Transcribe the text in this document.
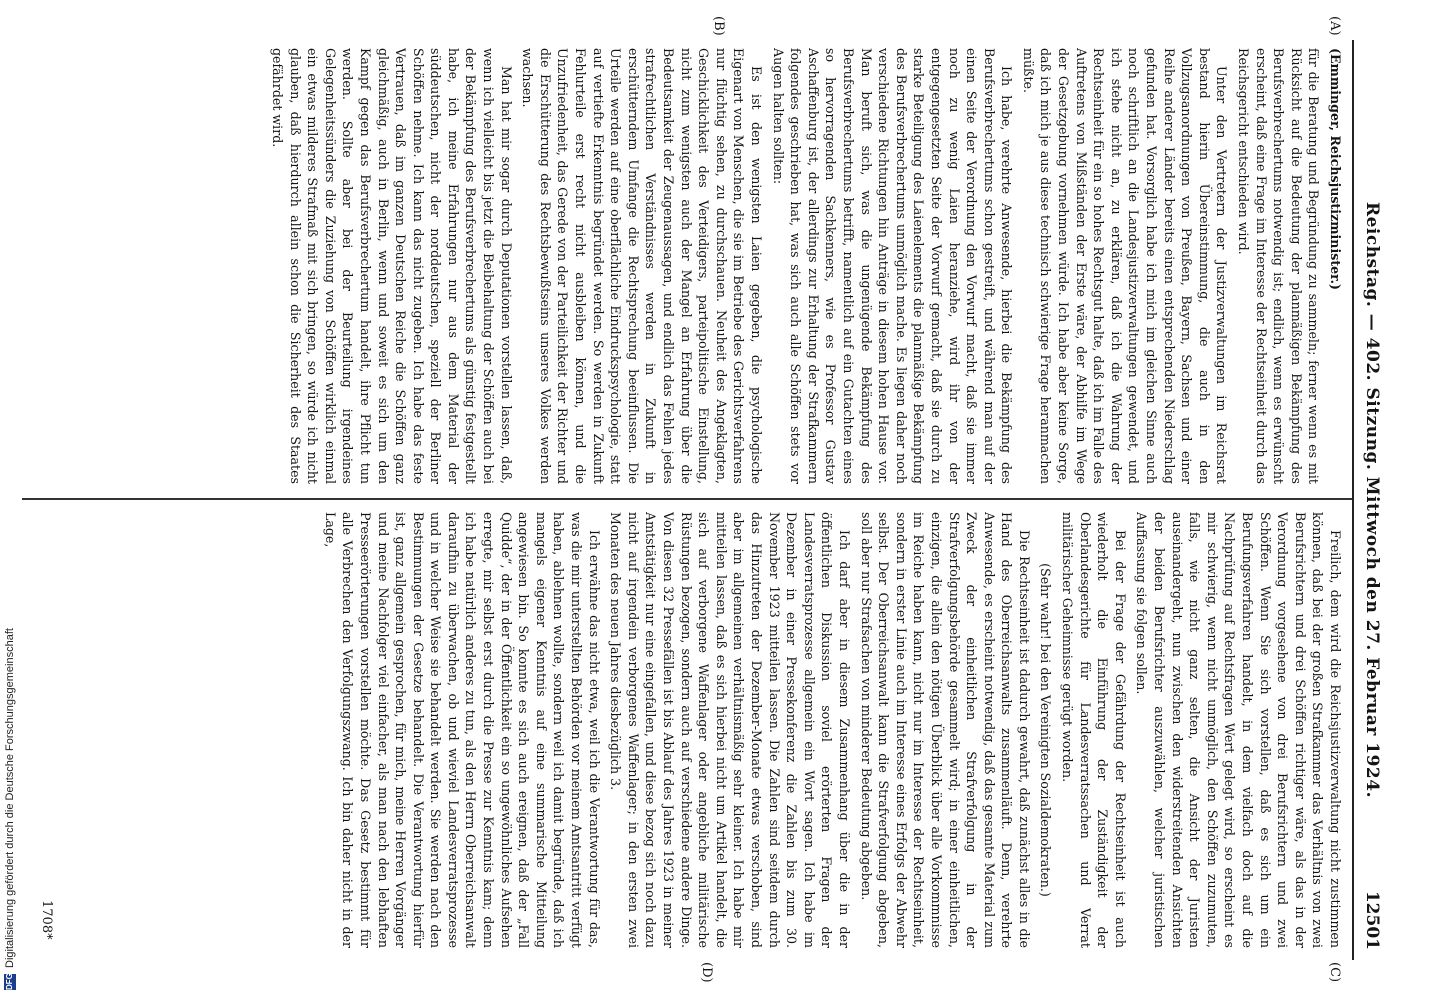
Reichstag. — 402. Sitzung. Mittwoch den 27. Februar 1924.
12501
(A)
(B)
(C)
(D)

(Emminger, Reichsjustizminister.)

für die Beratung und Begründung zu sammeln; ferner wenn es mit Rücksicht auf die Bedeutung der planmäßigen Bekämpfung des Berufsverbrechertums notwendig ist; endlich, wenn es erwünscht erscheint, daß eine Frage im Interesse der Rechtseinheit durch das Reichsgericht entschieden wird.

Unter den Vertretern der Justizverwaltungen im Reichsrat bestand hierin Übereinstimmung, die auch in den Vollzugsanordnungen von Preußen, Bayern, Sachsen und einer Reihe anderer Länder bereits einen entsprechenden Niederschlag gefunden hat. Vorsorglich habe ich mich im gleichen Sinne auch noch schriftlich an die Landesjustizverwaltungen gewendet, und ich stehe nicht an, zu erklären, daß ich die Wahrung der Rechtseinheit für ein so hohes Rechtsgut halte, daß ich im Falle des Auftretens von Mißständen der Erste wäre, der Abhilfe im Wege der Gesetzgebung vornehmen würde. Ich habe aber keine Sorge, daß ich mich je aus diese technisch schwierige Frage heranmachen müßte.

Ich habe, verehrte Anwesende, hierbei die Bekämpfung des Berufsverbrechertums schon gestreift, und während man auf der einen Seite der Verordnung den Vorwurf macht, daß sie immer noch zu wenig Laien heranziehe, wird ihr von der entgegengesetzten Seite der Vorwurf gemacht, daß sie durch zu starke Beteiligung des Laienelements die planmäßige Bekämpfung des Berufsverbrechertums unmöglich mache. Es liegen daher noch verschiedene Richtungen hin Anträge in diesem hohen Hause vor. Man beruft sich, was die ungenügende Bekämpfung des Berufsverbrechertums betrifft, namentlich auf ein Gutachten eines so hervorragenden Sachkenners, wie es Professor Gustav Aschaffenburg ist, der allerdings zur Erhaltung der Strafkammern folgendes geschrieben hat, was sich auch alle Schöffen stets vor Augen halten sollten:

Es ist den wenigsten Laien gegeben, die psychologische Eigenart von Menschen, die sie im Betriebe des Gerichtsverfahrens nur flüchtig sehen, zu durchschauen. Neuheit des Angeklagten, Geschicklichkeit des Verteidigers, parteipolitische Einstellung, nicht zum wenigsten auch der Mangel an Erfahrung über die Bedeutsamkeit der Zeugenaussagen, und endlich das Fehlen jedes strafrechtlichen Verständnisses werden in Zukunft in erschütterndem Umfange die Rechtsprechung beeinflussen. Die Urteile werden auf eine oberflächliche Eindruckspsychologie, statt auf vertiefte Erkenntnis begründet werden. So werden in Zukunft Fehlurteile erst recht nicht ausbleiben können, und die Unzufriedenheit, das Gerede von der Parteilichkeit der Richter und die Erschütterung des Rechtsbewußtseins unseres Volkes werden wachsen.

Man hat mir sogar durch Deputationen vorstellen lassen, daß, wenn ich vielleicht bis jetzt die Beibehaltung der Schöffen auch bei der Bekämpfung des Berufsverbrechertums als günstig festgestellt habe, ich meine Erfahrungen nur aus dem Material der süddeutschen, nicht der norddeutschen, speziell der Berliner Schöffen nehme. Ich kann das nicht zugeben. Ich habe das feste Vertrauen, daß im ganzen Deutschen Reiche die Schöffen ganz gleichmäßig, auch in Berlin, wenn und soweit es sich um den Kampf gegen das Berufsverbrechertum handelt, ihre Pflicht tun werden. Sollte aber bei der Beurteilung irgendeines Gelegenheitssünders die Zuziehung von Schöffen wirklich einmal ein etwas milderes Strafmaß mit sich bringen, so würde ich nicht glauben, daß hierdurch allein schon die Sicherheit des Staates gefährdet wird.

Freilich, dem wird die Reichsjustizverwaltung nicht zustimmen können, daß bei der großen Strafkammer das Verhältnis von zwei Berufsrichtern und drei Schöffen richtiger wäre, als das in der Verordnung vorgesehene von drei Berufsrichtern und zwei Schöffen. Wenn Sie sich vorstellen, daß es sich um ein Berufungsverfahren handelt, in dem vielfach doch auf die Nachprüfung auf Rechtsfragen Wert gelegt wird, so erscheint es mir schwierig, wenn nicht unmöglich, den Schöffen zuzumuten, falls, wie nicht ganz selten, die Ansicht der Juristen auseinandergeht, nun zwischen den widerstreitenden Ansichten der beiden Berufsrichter auszuwählen, welcher juristischen Auffassung sie folgen sollen.

Bei der Frage der Gefährdung der Rechtseinheit ist auch wiederholt die Einführung der Zuständigkeit der Oberlandesgerichte für Landesverratssachen und Verrat militärischer Geheimnisse gerügt worden.

(Sehr wahr! bei den Vereinigten Sozialdemokraten.)

Die Rechtseinheit ist dadurch gewahrt, daß zunächst alles in die Hand des Oberreichsanwalts zusammenläuft. Denn, verehrte Anwesende, es erscheint notwendig, daß das gesamte Material zum Zweck der einheitlichen Strafverfolgung in der Strafverfolgungsbehörde gesammelt wird; in einer einheitlichen, einzigen, die allein den nötigen Überblick über alle Vorkommnisse im Reiche haben kann, nicht nur im Interesse der Rechtseinheit, sondern in erster Linie auch im Interesse eines Erfolgs der Abwehr selbst. Der Oberreichsanwalt kann die Strafverfolgung abgeben, soll aber nur Strafsachen von minderer Bedeutung abgeben.

Ich darf aber in diesem Zusammenhang über die in der öffentlichen Diskussion soviel erörterten Fragen der Landesverratsprozesse allgemein ein Wort sagen. Ich habe im Dezember in einer Pressekonferenz die Zahlen bis zum 30. November 1923 mitteilen lassen. Die Zahlen sind seitdem durch das Hinzutreten der Dezember-Monate etwas verschoben, sind aber im allgemeinen verhältnismäßig sehr kleiner. Ich habe mir mitteilen lassen, daß es sich hierbei nicht um Artikel handelt, die sich auf verborgene Waffenlager oder angebliche militärische Rüstungen bezogen, sondern auch auf verschiedene andere Dinge. Von diesen 32 Pressefällen ist bis Ablauf des Jahres 1923 in meiner Amtstätigkeit nur eine eingefallen, und diese bezog sich noch dazu nicht auf irgendein verborgenes Waffenlager; in den ersten zwei Monaten des neuen Jahres diesbezüglich 3.

Ich erwähne das nicht etwa, weil ich die Verantwortung für das, was die mir unterstellten Behörden vor meinem Amtsantritt verfügt haben, ablehnen wollte, sondern weil ich damit begründe, daß ich mangels eigener Kenntnis auf eine summarische Mitteilung angewiesen bin. So konnte es sich auch ereignen, daß der „Fall Quidde“, der in der Öffentlichkeit ein so ungewöhnliches Aufsehen erregte, mir selbst erst durch die Presse zur Kenntnis kam; denn ich habe natürlich anderes zu tun, als den Herrn Oberreichsanwalt daraufhin zu überwachen, ob und wieviel Landesverratsprozesse und in welcher Weise sie behandelt werden. Sie werden nach den Bestimmungen der Gesetze behandelt. Die Verantwortung hierfür ist, ganz allgemein gesprochen, für mich, meine Herren Vorgänger und meine Nachfolger viel einfacher, als man nach den lebhaften Presseerörterungen vorstellen möchte. Das Gesetz bestimmt für alle Verbrechen den Verfolgungszwang. Ich bin daher nicht in der Lage,

1708*
DFGDigitalisierung gefördert durch die Deutsche Forschungsgemeinschaft
